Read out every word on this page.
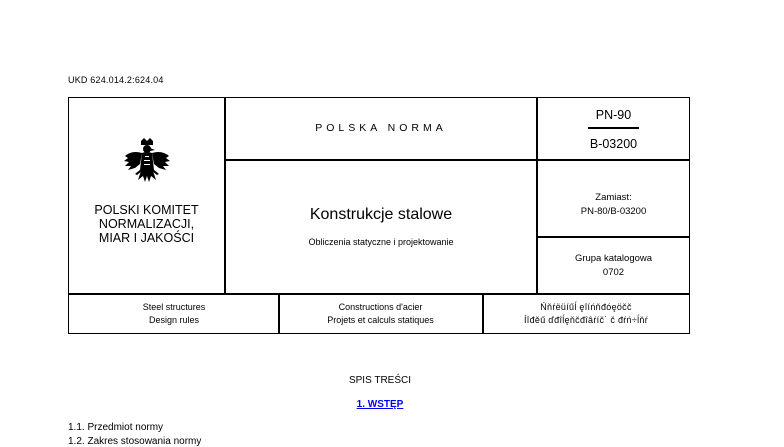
UKD 624.014.2:624.04
POLSKI KOMITET
NORMALIZACJI,
MIAR I JAKOŚCI
POLSKA NORMA
Konstrukcje stalowe
Obliczenia statyczne i projektowanie
PN-90
B-03200
Zamiast:
PN-80/B-03200
Grupa katalogowa
0702
Steel structures
Design rules
Constructions d'acier
Projets et calculs statiques
Ńňŕëüíűĺ ęîíńňđóęöčč
Íîđěű ďđîĺęňčđîâŕíč˙ č đŕń÷ĺňŕ
SPIS TREŚCI
1. WSTĘP
1.1. Przedmiot normy
1.2. Zakres stosowania normy
